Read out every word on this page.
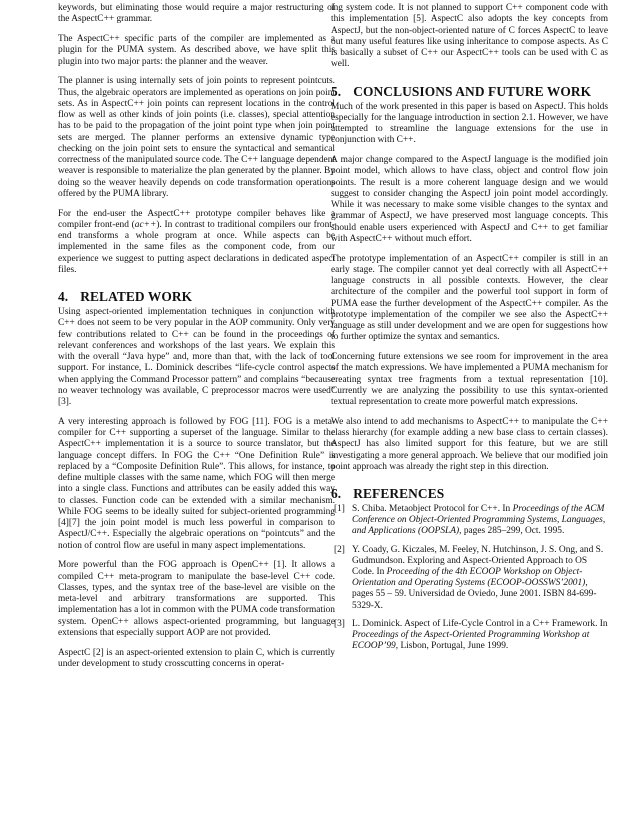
keywords, but eliminating those would require a major restructuring of the AspectC++ grammar.

The AspectC++ specific parts of the compiler are implemented as a plugin for the PUMA system. As described above, we have split this plugin into two major parts: the planner and the weaver.

The planner is using internally sets of join points to represent pointcuts. Thus, the algebraic operators are implemented as operations on join point sets. As in AspectC++ join points can represent locations in the control flow as well as other kinds of join points (i.e. classes), special attention has to be paid to the propagation of the joint point type when join point sets are merged. The planner performs an extensive dynamic type checking on the join point sets to ensure the syntactical and semantical correctness of the manipulated source code. The C++ language dependent weaver is responsible to materialize the plan generated by the planner. By doing so the weaver heavily depends on code transformation operations offered by the PUMA library.

For the end-user the AspectC++ prototype compiler behaves like a compiler front-end (ac++). In contrast to traditional compilers our front-end transforms a whole program at once. While aspects can be implemented in the same files as the component code, from our experience we suggest to putting aspect declarations in dedicated aspect files.

4. RELATED WORK

Using aspect-oriented implementation techniques in conjunction with C++ does not seem to be very popular in the AOP community. Only very few contributions related to C++ can be found in the proceedings of relevant conferences and workshops of the last years. We explain this with the overall “Java hype” and, more than that, with the lack of tool support. For instance, L. Dominick describes “life-cycle control aspects when applying the Command Processor pattern” and complains “because no weaver technology was available, C preprocessor macros were used” [3].

A very interesting approach is followed by FOG [11]. FOG is a meta-compiler for C++ supporting a superset of the language. Similar to the AspectC++ implementation it is a source to source translator, but the language concept differs. In FOG the C++ “One Definition Rule” is replaced by a “Composite Definition Rule”. This allows, for instance, to define multiple classes with the same name, which FOG will then merge into a single class. Functions and attributes can be easily added this way to classes. Function code can be extended with a similar mechanism. While FOG seems to be ideally suited for subject-oriented programming [4][7] the join point model is much less powerful in comparison to AspectJ/C++. Especially the algebraic operations on “pointcuts” and the notion of control flow are useful in many aspect implementations.

More powerful than the FOG approach is OpenC++ [1]. It allows a compiled C++ meta-program to manipulate the base-level C++ code. Classes, types, and the syntax tree of the base-level are visible on the meta-level and arbitrary transformations are supported. This implementation has a lot in common with the PUMA code transformation system. OpenC++ allows aspect-oriented programming, but language extensions that especially support AOP are not provided.

AspectC [2] is an aspect-oriented extension to plain C, which is currently under development to study crosscutting concerns in operat-

ing system code. It is not planned to support C++ component code with this implementation [5]. AspectC also adopts the key concepts from AspectJ, but the non-object-oriented nature of C forces AspectC to leave out many useful features like using inheritance to compose aspects. As C is basically a subset of C++ our AspectC++ tools can be used with C as well.

5. CONCLUSIONS AND FUTURE WORK

Much of the work presented in this paper is based on AspectJ. This holds especially for the language introduction in section 2.1. However, we have attempted to streamline the language extensions for the use in conjunction with C++.

A major change compared to the AspectJ language is the modified join point model, which allows to have class, object and control flow join points. The result is a more coherent language design and we would suggest to consider changing the AspectJ join point model accordingly. While it was necessary to make some visible changes to the syntax and grammar of AspectJ, we have preserved most language concepts. This should enable users experienced with AspectJ and C++ to get familiar with AspectC++ without much effort.

The prototype implementation of an AspectC++ compiler is still in an early stage. The compiler cannot yet deal correctly with all AspectC++ language constructs in all possible contexts. However, the clear architecture of the compiler and the powerful tool support in form of PUMA ease the further development of the AspectC++ compiler. As the prototype implementation of the compiler we see also the AspectC++ language as still under development and we are open for suggestions how to further optimize the syntax and semantics.

Concerning future extensions we see room for improvement in the area of the match expressions. We have implemented a PUMA mechanism for creating syntax tree fragments from a textual representation [10]. Currently we are analyzing the possibility to use this syntax-oriented textual representation to create more powerful match expressions.

We also intend to add mechanisms to AspectC++ to manipulate the C++ class hierarchy (for example adding a new base class to certain classes). AspectJ has also limited support for this feature, but we are still investigating a more general approach. We believe that our modified join point approach was already the right step in this direction.

6. REFERENCES
[1] S. Chiba. Metaobject Protocol for C++. In Proceedings of the ACM Conference on Object-Oriented Programming Systems, Languages, and Applications (OOPSLA), pages 285–299, Oct. 1995.
[2] Y. Coady, G. Kiczales, M. Feeley, N. Hutchinson, J. S. Ong, and S. Gudmundson. Exploring and Aspect-Oriented Approach to OS Code. In Proceeding of the 4th ECOOP Workshop on Object-Orientation and Operating Systems (ECOOP-OOSSWS’2001), pages 55 – 59. Universidad de Oviedo, June 2001. ISBN 84-699-5329-X.
[3] L. Dominick. Aspect of Life-Cycle Control in a C++ Framework. In Proceedings of the Aspect-Oriented Programming Workshop at ECOOP’99, Lisbon, Portugal, June 1999.
